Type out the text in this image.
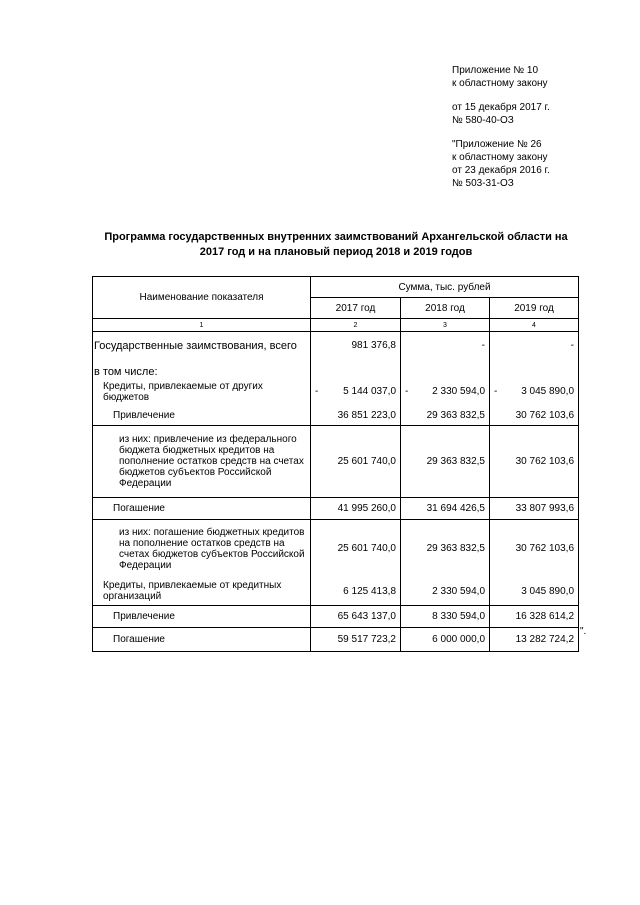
Приложение № 10
к областному закону
от 15 декабря 2017 г.
№ 580-40-ОЗ
"Приложение № 26
к областному закону
от 23 декабря 2016 г.
№ 503-31-ОЗ
Программа государственных внутренних заимствований Архангельской области на 2017 год и на плановый период 2018 и 2019 годов
Наименование показателя	Сумма, тыс. рублей		
	2017 год	2018 год	2019 год
1	2	3	4
Государственные заимствования, всего	981 376,8	-	-
в том числе:			
Кредиты, привлекаемые от других бюджетов	- 5 144 037,0	- 2 330 594,0	- 3 045 890,0
Привлечение	36 851 223,0	29 363 832,5	30 762 103,6
из них: привлечение из федерального бюджета бюджетных кредитов на пополнение остатков средств на счетах бюджетов субъектов Российской Федерации	25 601 740,0	29 363 832,5	30 762 103,6
Погашение	41 995 260,0	31 694 426,5	33 807 993,6
из них: погашение бюджетных кредитов на пополнение остатков средств на счетах бюджетов субъектов Российской Федерации	25 601 740,0	29 363 832,5	30 762 103,6
Кредиты, привлекаемые от кредитных организаций	6 125 413,8	2 330 594,0	3 045 890,0
Привлечение	65 643 137,0	8 330 594,0	16 328 614,2
Погашение	59 517 723,2	6 000 000,0	13 282 724,2
".
